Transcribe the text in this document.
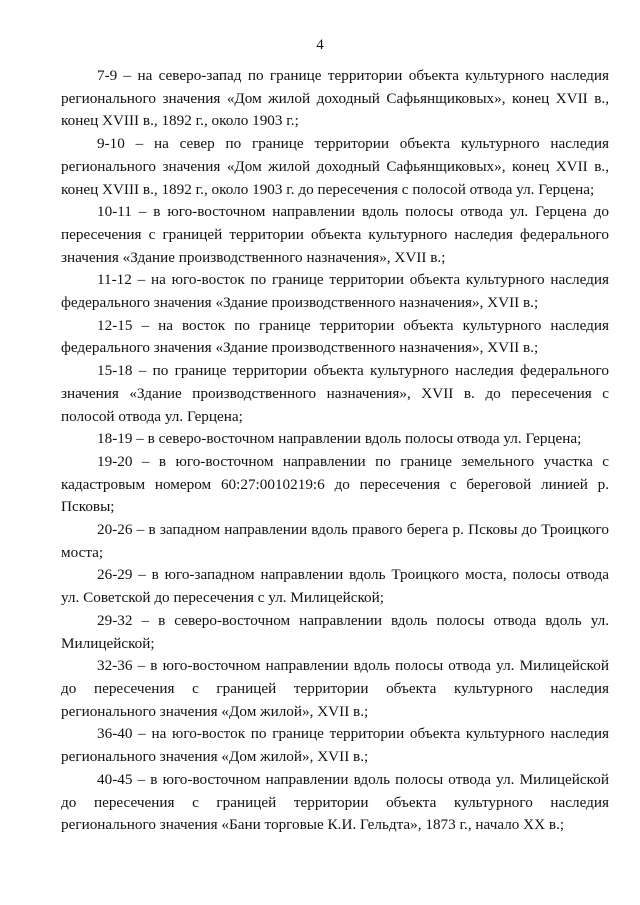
4

7-9 – на северо-запад по границе территории объекта культурного наследия регионального значения «Дом жилой доходный Сафьянщиковых», конец XVII в., конец XVIII в., 1892 г., около 1903 г.;

9-10 – на север по границе территории объекта культурного наследия регионального значения «Дом жилой доходный Сафьянщиковых», конец XVII в., конец XVIII в., 1892 г., около 1903 г. до пересечения с полосой отвода ул. Герцена;

10-11 – в юго-восточном направлении вдоль полосы отвода ул. Герцена до пересечения с границей территории объекта культурного наследия федерального значения «Здание производственного назначения», XVII в.;

11-12 – на юго-восток по границе территории объекта культурного наследия федерального значения «Здание производственного назначения», XVII в.;

12-15 – на восток по границе территории объекта культурного наследия федерального значения «Здание производственного назначения», XVII в.;

15-18 – по границе территории объекта культурного наследия федерального значения «Здание производственного назначения», XVII в. до пересечения с полосой отвода ул. Герцена;

18-19 – в северо-восточном направлении вдоль полосы отвода ул. Герцена;

19-20 – в юго-восточном направлении по границе земельного участка с кадастровым номером 60:27:0010219:6 до пересечения с береговой линией р. Псковы;

20-26 – в западном направлении вдоль правого берега р. Псковы до Троицкого моста;

26-29 – в юго-западном направлении вдоль Троицкого моста, полосы отвода ул. Советской до пересечения с ул. Милицейской;

29-32 – в северо-восточном направлении вдоль полосы отвода вдоль ул. Милицейской;

32-36 – в юго-восточном направлении вдоль полосы отвода ул. Милицейской до пересечения с границей территории объекта культурного наследия регионального значения «Дом жилой», XVII в.;

36-40 – на юго-восток по границе территории объекта культурного наследия регионального значения «Дом жилой», XVII в.;

40-45 – в юго-восточном направлении вдоль полосы отвода ул. Милицейской до пересечения с границей территории объекта культурного наследия регионального значения «Бани торговые К.И. Гельдта», 1873 г., начало XX в.;
